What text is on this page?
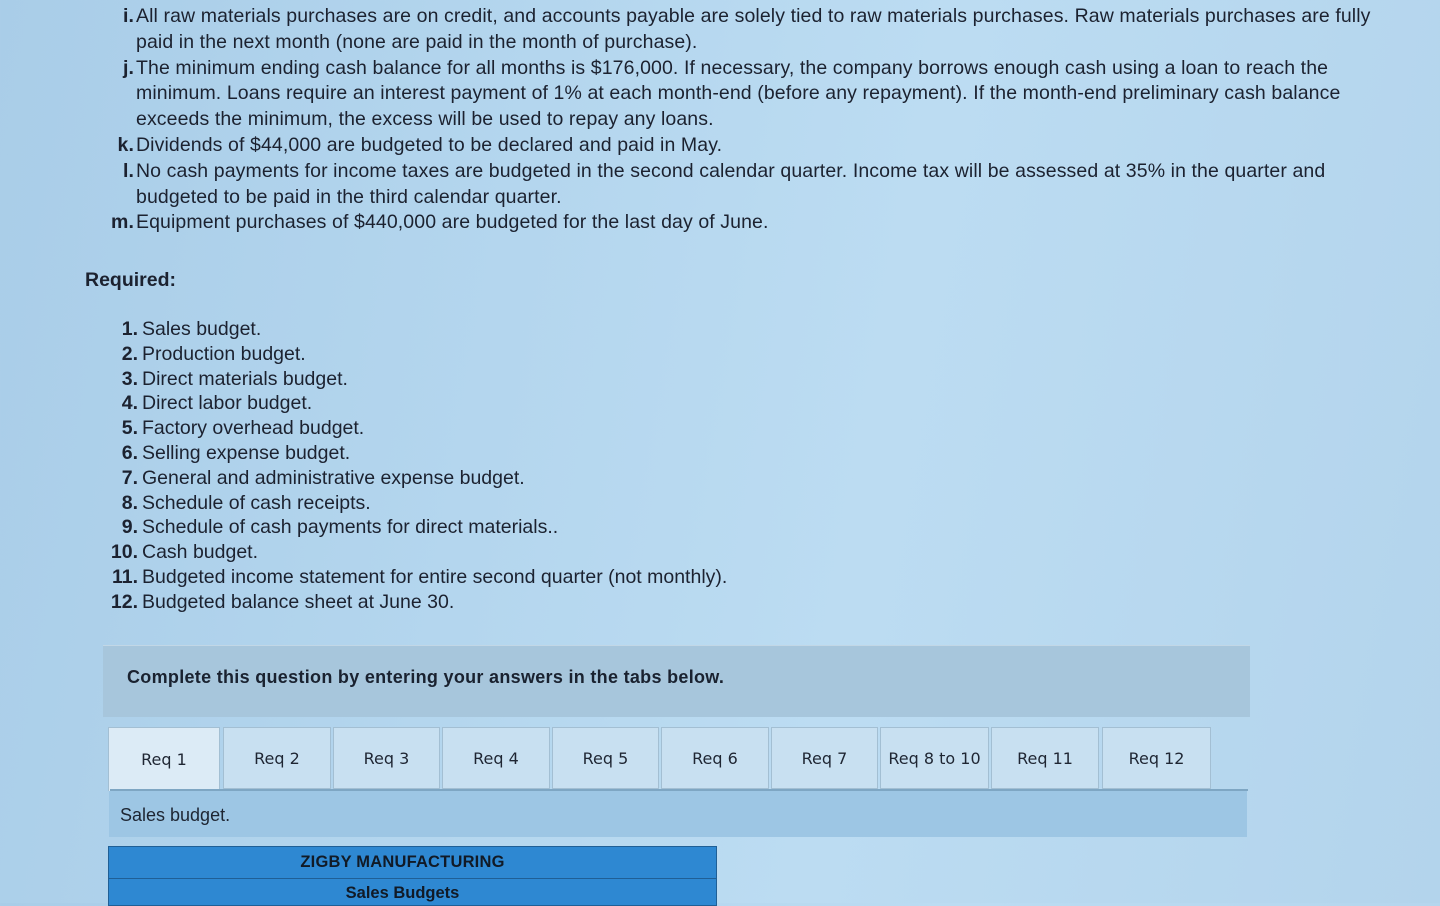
i. All raw materials purchases are on credit, and accounts payable are solely tied to raw materials purchases. Raw materials purchases are fully paid in the next month (none are paid in the month of purchase).
j. The minimum ending cash balance for all months is $176,000. If necessary, the company borrows enough cash using a loan to reach the minimum. Loans require an interest payment of 1% at each month-end (before any repayment). If the month-end preliminary cash balance exceeds the minimum, the excess will be used to repay any loans.
k. Dividends of $44,000 are budgeted to be declared and paid in May.
l. No cash payments for income taxes are budgeted in the second calendar quarter. Income tax will be assessed at 35% in the quarter and budgeted to be paid in the third calendar quarter.
m. Equipment purchases of $440,000 are budgeted for the last day of June.
Required:
1. Sales budget.
2. Production budget.
3. Direct materials budget.
4. Direct labor budget.
5. Factory overhead budget.
6. Selling expense budget.
7. General and administrative expense budget.
8. Schedule of cash receipts.
9. Schedule of cash payments for direct materials..
10. Cash budget.
11. Budgeted income statement for entire second quarter (not monthly).
12. Budgeted balance sheet at June 30.
Complete this question by entering your answers in the tabs below.
Req 1	Req 2	Req 3	Req 4	Req 5	Req 6	Req 7	Req 8 to 10	Req 11	Req 12
Sales budget.
ZIGBY MANUFACTURING
Sales Budgets
